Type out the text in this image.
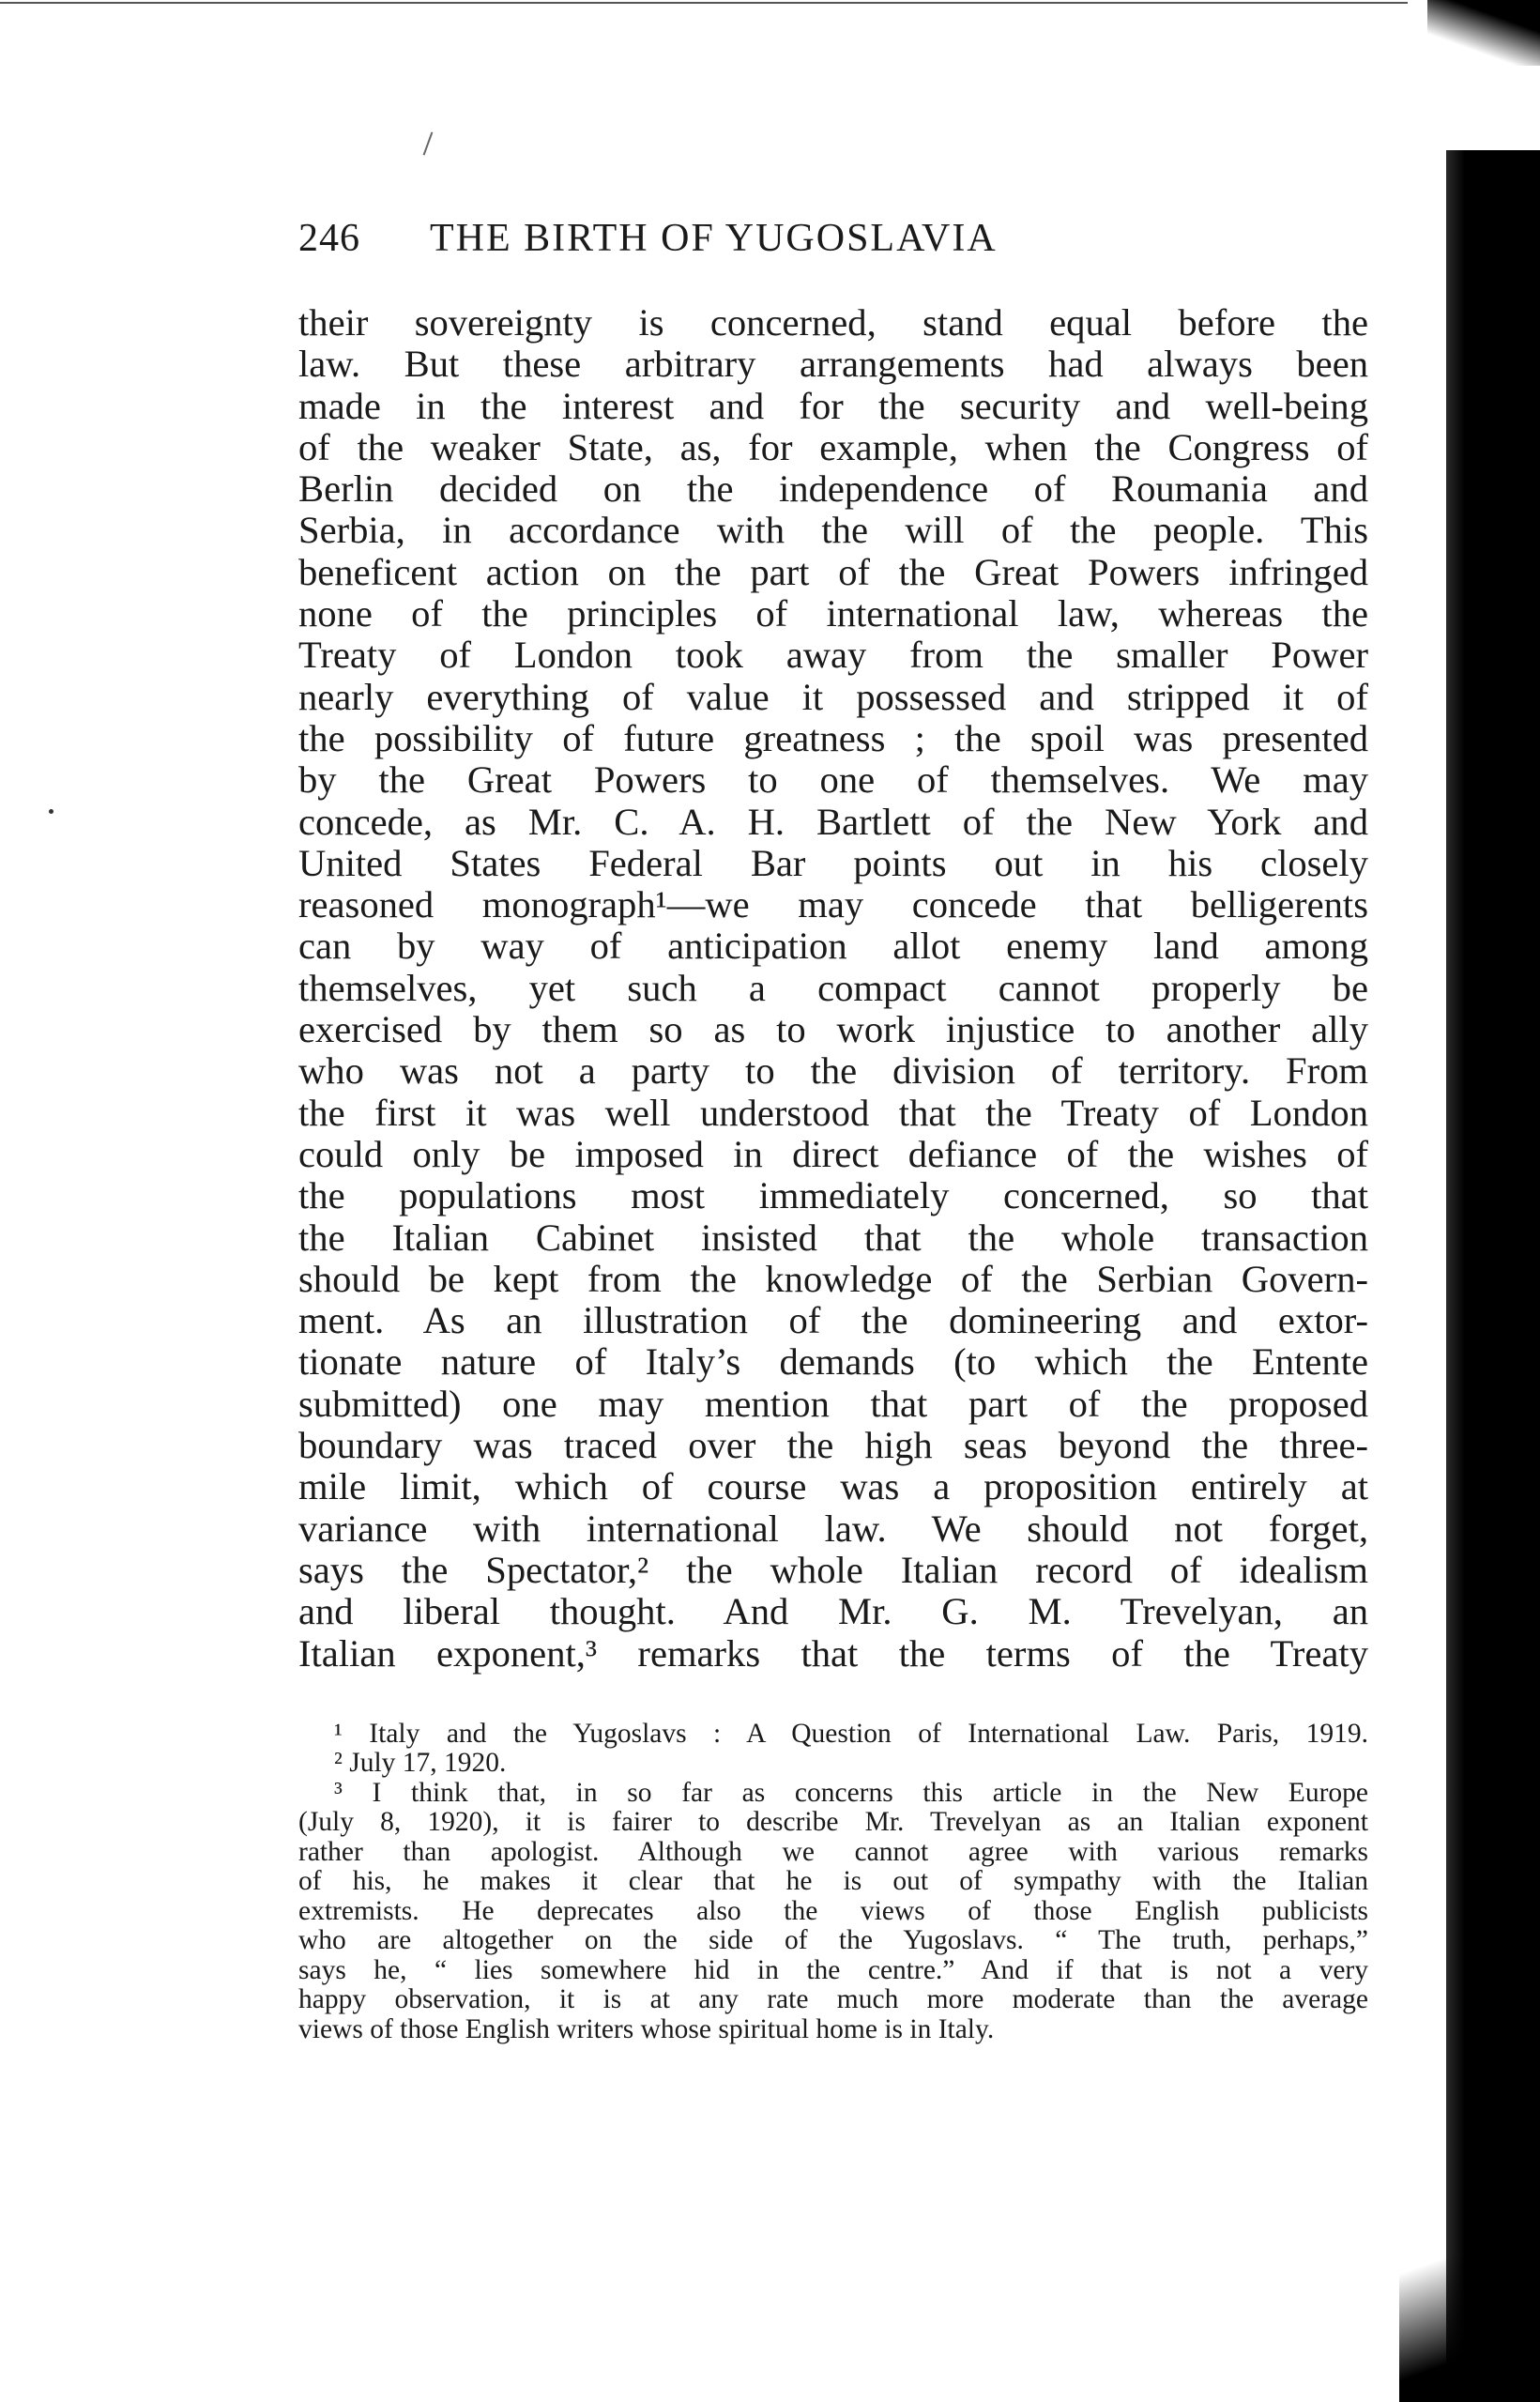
246	THE BIRTH OF YUGOSLAVIA
their sovereignty is concerned, stand equal before the
law. But these arbitrary arrangements had always been
made in the interest and for the security and well-being
of the weaker State, as, for example, when the Congress of
Berlin decided on the independence of Roumania and
Serbia, in accordance with the will of the people. This
beneficent action on the part of the Great Powers infringed
none of the principles of international law, whereas the
Treaty of London took away from the smaller Power
nearly everything of value it possessed and stripped it of
the possibility of future greatness ; the spoil was presented
by the Great Powers to one of themselves. We may
concede, as Mr. C. A. H. Bartlett of the New York and
United States Federal Bar points out in his closely
reasoned monograph¹—we may concede that belligerents
can by way of anticipation allot enemy land among
themselves, yet such a compact cannot properly be
exercised by them so as to work injustice to another ally
who was not a party to the division of territory. From
the first it was well understood that the Treaty of London
could only be imposed in direct defiance of the wishes of
the populations most immediately concerned, so that
the Italian Cabinet insisted that the whole transaction
should be kept from the knowledge of the Serbian Govern-
ment. As an illustration of the domineering and extor-
tionate nature of Italy’s demands (to which the Entente
submitted) one may mention that part of the proposed
boundary was traced over the high seas beyond the three-
mile limit, which of course was a proposition entirely at
variance with international law. We should not forget,
says the Spectator,² the whole Italian record of idealism
and liberal thought. And Mr. G. M. Trevelyan, an
Italian exponent,³ remarks that the terms of the Treaty
¹ Italy and the Yugoslavs : A Question of International Law. Paris, 1919.
² July 17, 1920.
³ I think that, in so far as concerns this article in the New Europe
(July 8, 1920), it is fairer to describe Mr. Trevelyan as an Italian exponent
rather than apologist. Although we cannot agree with various remarks
of his, he makes it clear that he is out of sympathy with the Italian
extremists. He deprecates also the views of those English publicists
who are altogether on the side of the Yugoslavs. “ The truth, perhaps,”
says he, “ lies somewhere hid in the centre.” And if that is not a very
happy observation, it is at any rate much more moderate than the average
views of those English writers whose spiritual home is in Italy.
